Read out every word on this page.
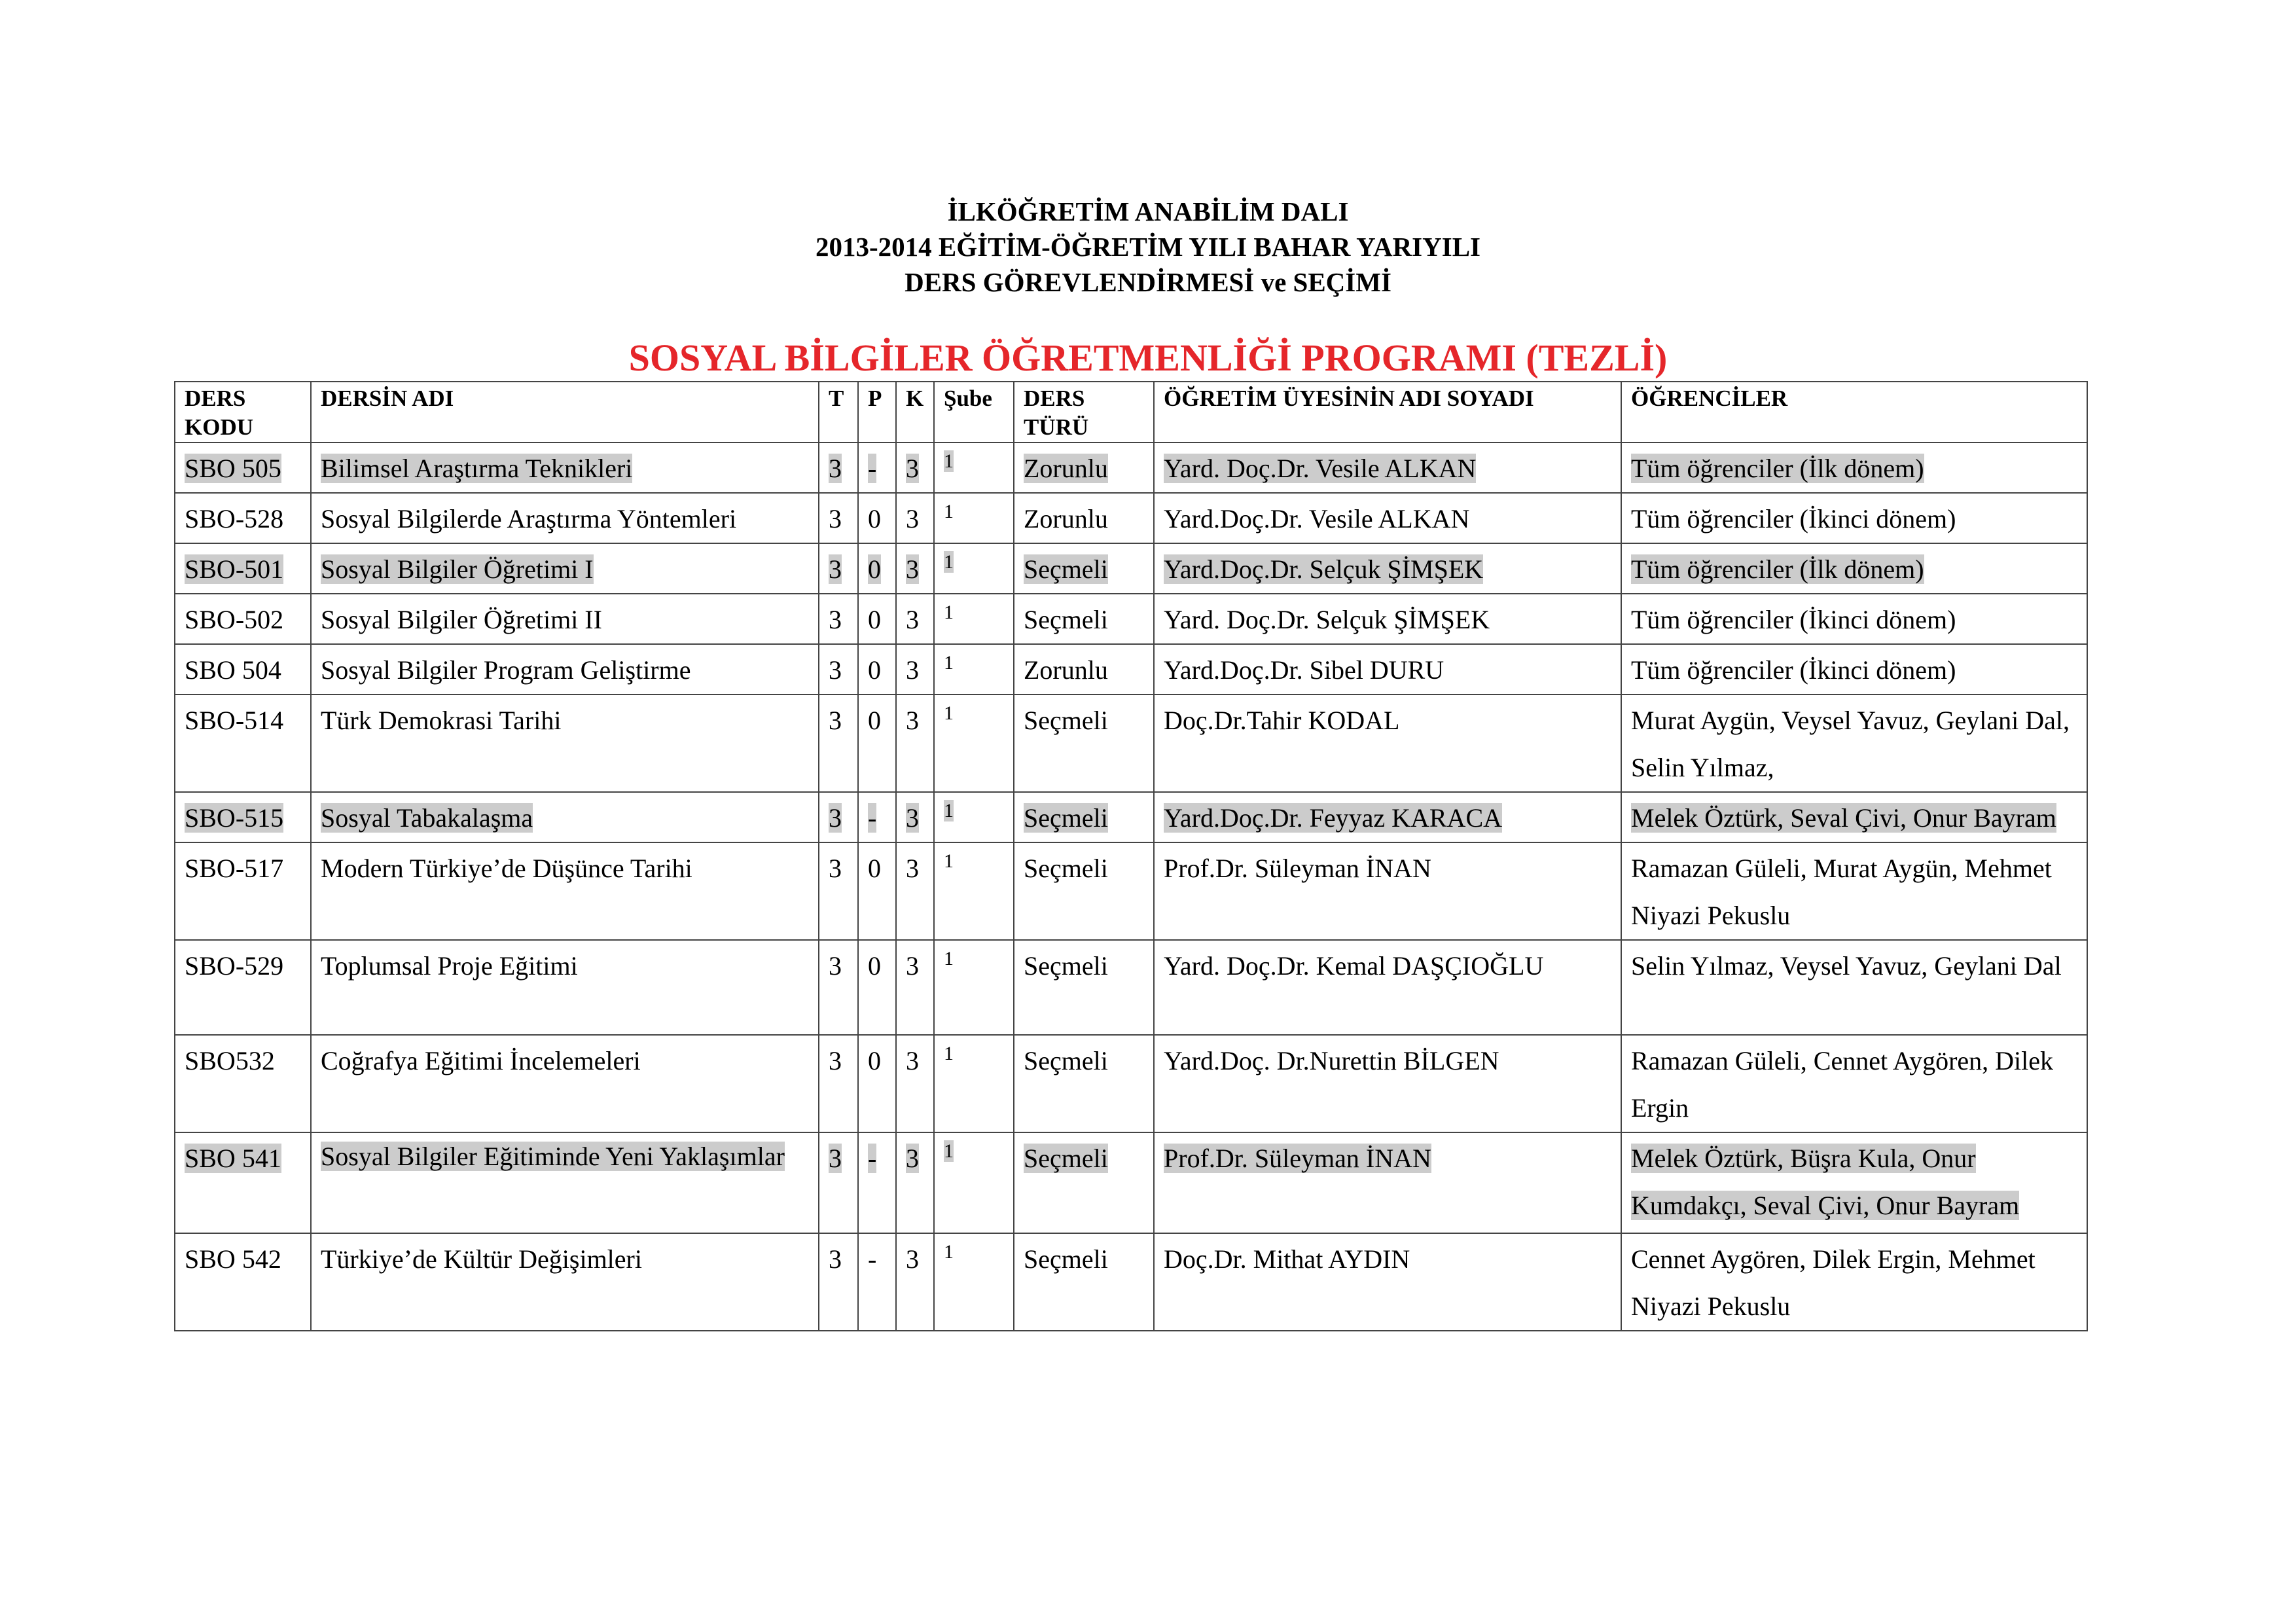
İLKÖĞRETİM ANABİLİM DALI
2013-2014 EĞİTİM-ÖĞRETİM YILI BAHAR YARIYILI
DERS GÖREVLENDİRMESİ ve SEÇİMİ
SOSYAL BİLGİLER ÖĞRETMENLİĞİ PROGRAMI (TEZLİ)
DERS KODU	DERSİN ADI	T	P	K	Şube	DERS TÜRÜ	ÖĞRETİM ÜYESİNİN ADI SOYADI	ÖĞRENCİLER
SBO 505	Bilimsel Araştırma Teknikleri	3	-	3	1	Zorunlu	Yard. Doç.Dr. Vesile ALKAN	Tüm öğrenciler (İlk dönem)
SBO-528	Sosyal Bilgilerde Araştırma Yöntemleri	3	0	3	1	Zorunlu	Yard.Doç.Dr. Vesile ALKAN	Tüm öğrenciler (İkinci dönem)
SBO-501	Sosyal Bilgiler Öğretimi I	3	0	3	1	Seçmeli	Yard.Doç.Dr. Selçuk ŞİMŞEK	Tüm öğrenciler (İlk dönem)
SBO-502	Sosyal Bilgiler Öğretimi II	3	0	3	1	Seçmeli	Yard. Doç.Dr. Selçuk ŞİMŞEK	Tüm öğrenciler (İkinci dönem)
SBO 504	Sosyal Bilgiler Program Geliştirme	3	0	3	1	Zorunlu	Yard.Doç.Dr. Sibel DURU	Tüm öğrenciler (İkinci dönem)
SBO-514	Türk Demokrasi Tarihi	3	0	3	1	Seçmeli	Doç.Dr.Tahir KODAL	Murat Aygün, Veysel Yavuz, Geylani Dal, Selin Yılmaz,
SBO-515	Sosyal Tabakalaşma	3	-	3	1	Seçmeli	Yard.Doç.Dr. Feyyaz KARACA	Melek Öztürk, Seval Çivi, Onur Bayram
SBO-517	Modern Türkiye’de Düşünce Tarihi	3	0	3	1	Seçmeli	Prof.Dr. Süleyman İNAN	Ramazan Güleli, Murat Aygün, Mehmet Niyazi Pekuslu
SBO-529	Toplumsal Proje Eğitimi	3	0	3	1	Seçmeli	Yard. Doç.Dr. Kemal DAŞÇIOĞLU	Selin Yılmaz, Veysel Yavuz, Geylani Dal
SBO532	Coğrafya Eğitimi İncelemeleri	3	0	3	1	Seçmeli	Yard.Doç. Dr.Nurettin BİLGEN	Ramazan Güleli, Cennet Aygören, Dilek Ergin
SBO 541	Sosyal Bilgiler Eğitiminde Yeni Yaklaşımlar	3	-	3	1	Seçmeli	Prof.Dr. Süleyman İNAN	Melek Öztürk, Büşra Kula, Onur Kumdakçı, Seval Çivi, Onur Bayram
SBO 542	Türkiye’de Kültür Değişimleri	3	-	3	1	Seçmeli	Doç.Dr. Mithat AYDIN	Cennet Aygören, Dilek Ergin, Mehmet Niyazi Pekuslu
